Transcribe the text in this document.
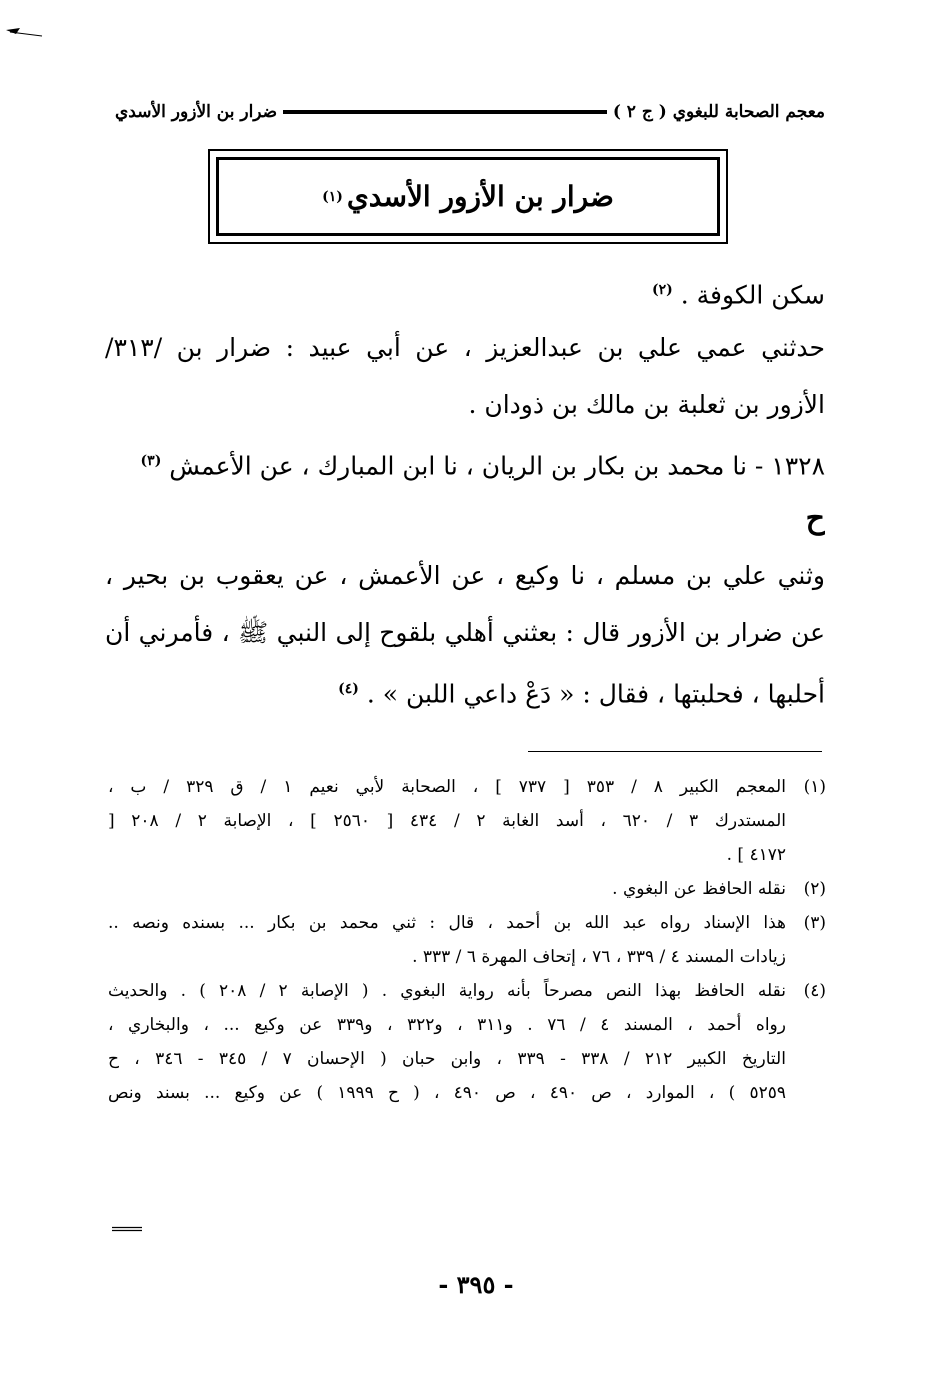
معجم الصحابة للبغوي ( ج ٢ )
ضرار بن الأزور الأسدي
ضرار بن الأزور الأسدي
(١)
سكن الكوفة . $^{(٢)}$
حدثني عمي علي بن عبدالعزيز ، عن أبي عبيد : ضرار بن /٣١٣/
الأزور بن ثعلبة بن مالك بن ذودان .
١٣٢٨ - نا محمد بن بكار بن الريان ، نا ابن المبارك ، عن الأعمش $^{(٣)}$
ح
وثني علي بن مسلم ، نا وكيع ، عن الأعمش ، عن يعقوب بن بحير ،
عن ضرار بن الأزور قال : بعثني أهلي بلقوح إلى النبي ﷺ ، فأمرني أن
أحلبها ، فحلبتها ، فقال : « دَعْ داعي اللبن » . $^{(٤)}$
(١)
المعجم الكبير ٨ / ٣٥٣ [ ٧٣٧ ] ، الصحابة لأبي نعيم ١ / ق ٣٢٩ / ب ،
المستدرك ٣ / ٦٢٠ ، أسد الغابة ٢ / ٤٣٤ [ ٢٥٦٠ ] ، الإصابة ٢ / ٢٠٨ [
٤١٧٢ ] .
(٢)
نقله الحافظ عن البغوي .
(٣)
هذا الإسناد رواه عبد الله بن أحمد ، قال : ثني محمد بن بكار ... بسنده ونصه ..
زيادات المسند ٤ / ٣٣٩ ، ٧٦ ، إتحاف المهرة ٦ / ٣٣٣ .
(٤)
نقله الحافظ بهذا النص مصرحاً بأنه رواية البغوي . ( الإصابة ٢ / ٢٠٨ ) . والحديث
رواه أحمد ، المسند ٤ / ٧٦ . و٣١١ ، و٣٢٢ ، و٣٣٩ عن وكيع ... ، والبخاري ،
التاريخ الكبير ٢١٢ / ٣٣٨ - ٣٣٩ ، وابن حبان ( الإحسان ٧ / ٣٤٥ - ٣٤٦ ، ح
٥٢٥٩ ) ، الموارد ، ص ٤٩٠ ، ص ٤٩٠ ، ( ح ١٩٩٩ ) عن وكيع ... بسند ونص
- ٣٩٥ -
